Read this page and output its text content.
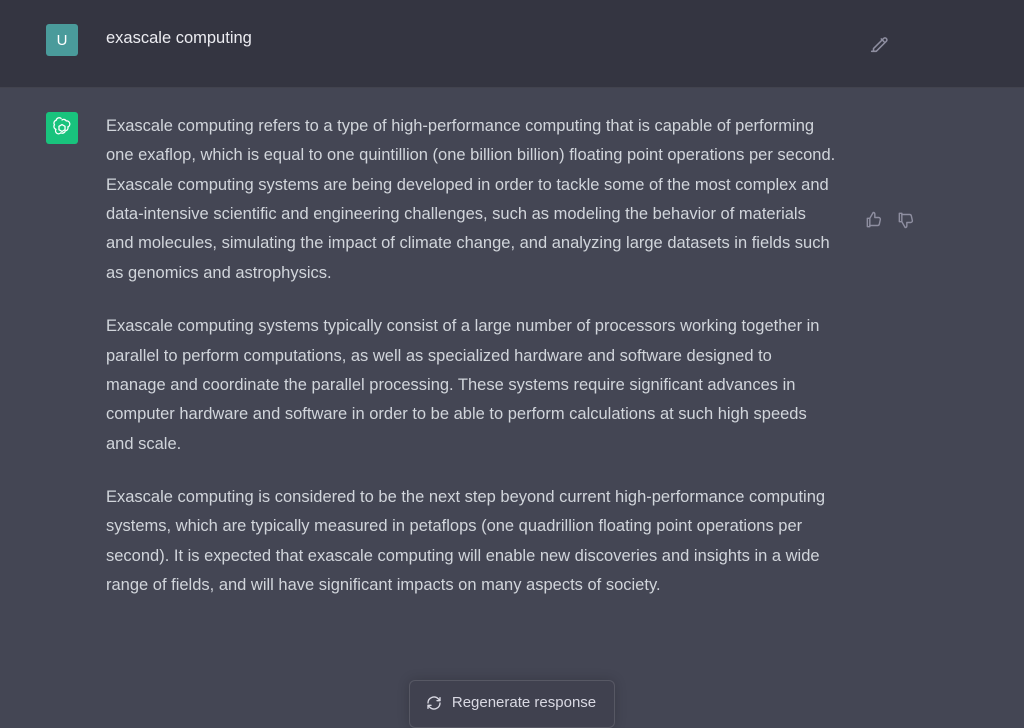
U exascale computing

Exascale computing refers to a type of high-performance computing that is capable of performing one exaflop, which is equal to one quintillion (one billion billion) floating point operations per second. Exascale computing systems are being developed in order to tackle some of the most complex and data-intensive scientific and engineering challenges, such as modeling the behavior of materials and molecules, simulating the impact of climate change, and analyzing large datasets in fields such as genomics and astrophysics.

Exascale computing systems typically consist of a large number of processors working together in parallel to perform computations, as well as specialized hardware and software designed to manage and coordinate the parallel processing. These systems require significant advances in computer hardware and software in order to be able to perform calculations at such high speeds and scale.

Exascale computing is considered to be the next step beyond current high-performance computing systems, which are typically measured in petaflops (one quadrillion floating point operations per second). It is expected that exascale computing will enable new discoveries and insights in a wide range of fields, and will have significant impacts on many aspects of society.

Regenerate response
